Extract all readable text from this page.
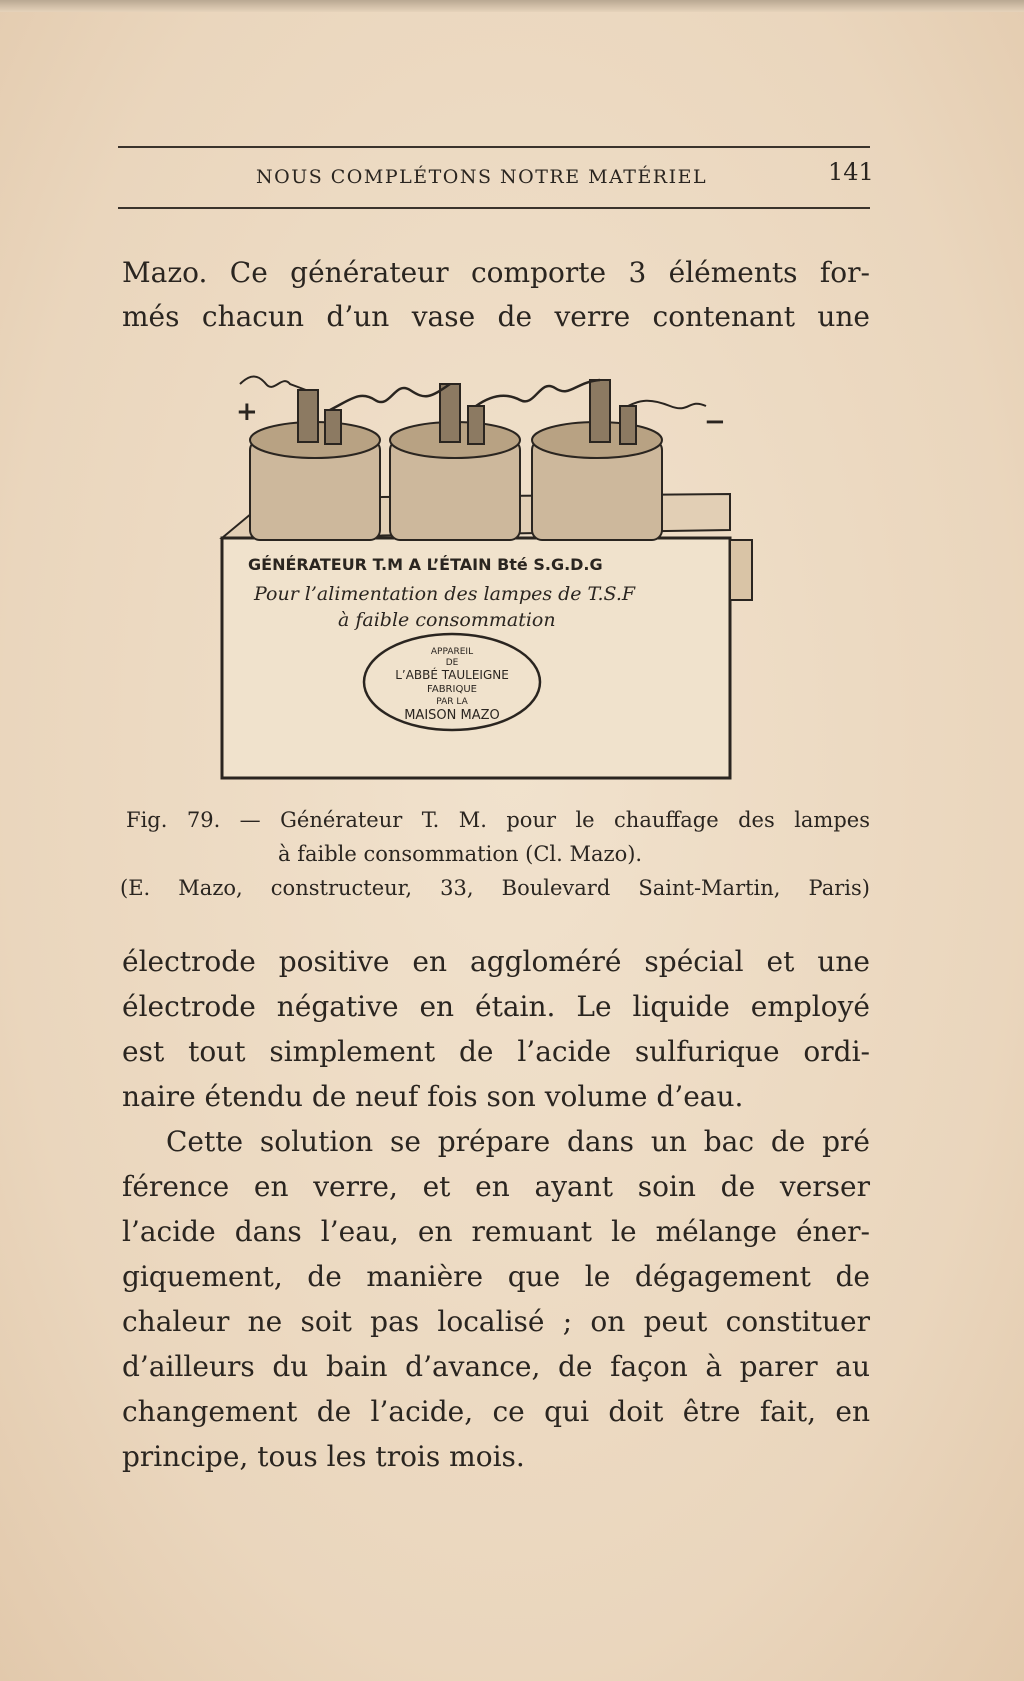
NOUS COMPLÉTONS NOTRE MATÉRIEL	141
Mazo. Ce générateur comporte 3 éléments for-
més chacun d’un vase de verre contenant une
+	−
GÉNÉRATEUR T.M A L’ÉTAIN Bté S.G.D.G
Pour l’alimentation des lampes de T.S.F
à faible consommation
APPAREIL
DE
L’ABBÉ TAULEIGNE
FABRIQUE
PAR LA
MAISON MAZO
Fig. 79. — Générateur T. M. pour le chauffage des lampes
à faible consommation (Cl. Mazo).
(E. Mazo, constructeur, 33, Boulevard Saint-Martin, Paris)
électrode positive en aggloméré spécial et une
électrode négative en étain. Le liquide employé
est tout simplement de l’acide sulfurique ordi-
naire étendu de neuf fois son volume d’eau.
Cette solution se prépare dans un bac de pré
férence en verre, et en ayant soin de verser
l’acide dans l’eau, en remuant le mélange éner-
giquement, de manière que le dégagement de
chaleur ne soit pas localisé ; on peut constituer
d’ailleurs du bain d’avance, de façon à parer au
changement de l’acide, ce qui doit être fait, en
principe, tous les trois mois.
